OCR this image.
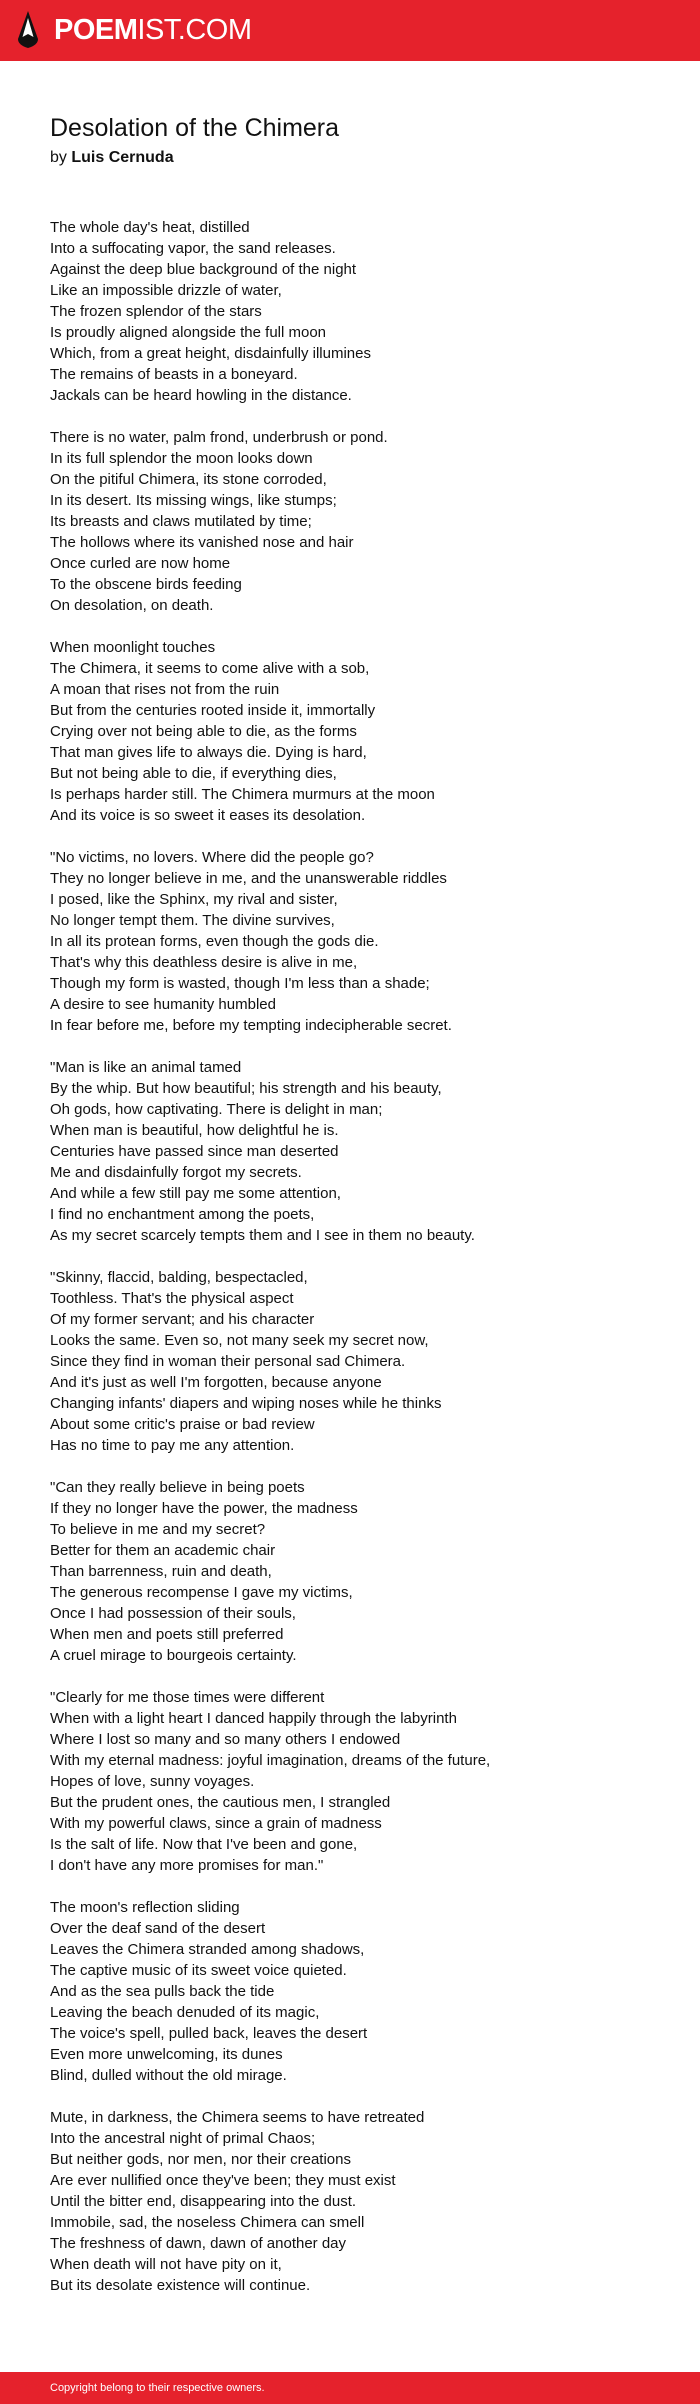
POEMIST.COM
Desolation of the Chimera
by Luis Cernuda
The whole day's heat, distilled
Into a suffocating vapor, the sand releases.
Against the deep blue background of the night
Like an impossible drizzle of water,
The frozen splendor of the stars
Is proudly aligned alongside the full moon
Which, from a great height, disdainfully illumines
The remains of beasts in a boneyard.
Jackals can be heard howling in the distance.
There is no water, palm frond, underbrush or pond.
In its full splendor the moon looks down
On the pitiful Chimera, its stone corroded,
In its desert. Its missing wings, like stumps;
Its breasts and claws mutilated by time;
The hollows where its vanished nose and hair
Once curled are now home
To the obscene birds feeding
On desolation, on death.
When moonlight touches
The Chimera, it seems to come alive with a sob,
A moan that rises not from the ruin
But from the centuries rooted inside it, immortally
Crying over not being able to die, as the forms
That man gives life to always die. Dying is hard,
But not being able to die, if everything dies,
Is perhaps harder still. The Chimera murmurs at the moon
And its voice is so sweet it eases its desolation.
"No victims, no lovers. Where did the people go?
They no longer believe in me, and the unanswerable riddles
I posed, like the Sphinx, my rival and sister,
No longer tempt them. The divine survives,
In all its protean forms, even though the gods die.
That's why this deathless desire is alive in me,
Though my form is wasted, though I'm less than a shade;
A desire to see humanity humbled
In fear before me, before my tempting indecipherable secret.
"Man is like an animal tamed
By the whip. But how beautiful; his strength and his beauty,
Oh gods, how captivating. There is delight in man;
When man is beautiful, how delightful he is.
Centuries have passed since man deserted
Me and disdainfully forgot my secrets.
And while a few still pay me some attention,
I find no enchantment among the poets,
As my secret scarcely tempts them and I see in them no beauty.
"Skinny, flaccid, balding, bespectacled,
Toothless. That's the physical aspect
Of my former servant; and his character
Looks the same. Even so, not many seek my secret now,
Since they find in woman their personal sad Chimera.
And it's just as well I'm forgotten, because anyone
Changing infants' diapers and wiping noses while he thinks
About some critic's praise or bad review
Has no time to pay me any attention.
"Can they really believe in being poets
If they no longer have the power, the madness
To believe in me and my secret?
Better for them an academic chair
Than barrenness, ruin and death,
The generous recompense I gave my victims,
Once I had possession of their souls,
When men and poets still preferred
A cruel mirage to bourgeois certainty.
"Clearly for me those times were different
When with a light heart I danced happily through the labyrinth
Where I lost so many and so many others I endowed
With my eternal madness: joyful imagination, dreams of the future,
Hopes of love, sunny voyages.
But the prudent ones, the cautious men, I strangled
With my powerful claws, since a grain of madness
Is the salt of life. Now that I've been and gone,
I don't have any more promises for man."
The moon's reflection sliding
Over the deaf sand of the desert
Leaves the Chimera stranded among shadows,
The captive music of its sweet voice quieted.
And as the sea pulls back the tide
Leaving the beach denuded of its magic,
The voice's spell, pulled back, leaves the desert
Even more unwelcoming, its dunes
Blind, dulled without the old mirage.
Mute, in darkness, the Chimera seems to have retreated
Into the ancestral night of primal Chaos;
But neither gods, nor men, nor their creations
Are ever nullified once they've been; they must exist
Until the bitter end, disappearing into the dust.
Immobile, sad, the noseless Chimera can smell
The freshness of dawn, dawn of another day
When death will not have pity on it,
But its desolate existence will continue.
Copyright belong to their respective owners.
